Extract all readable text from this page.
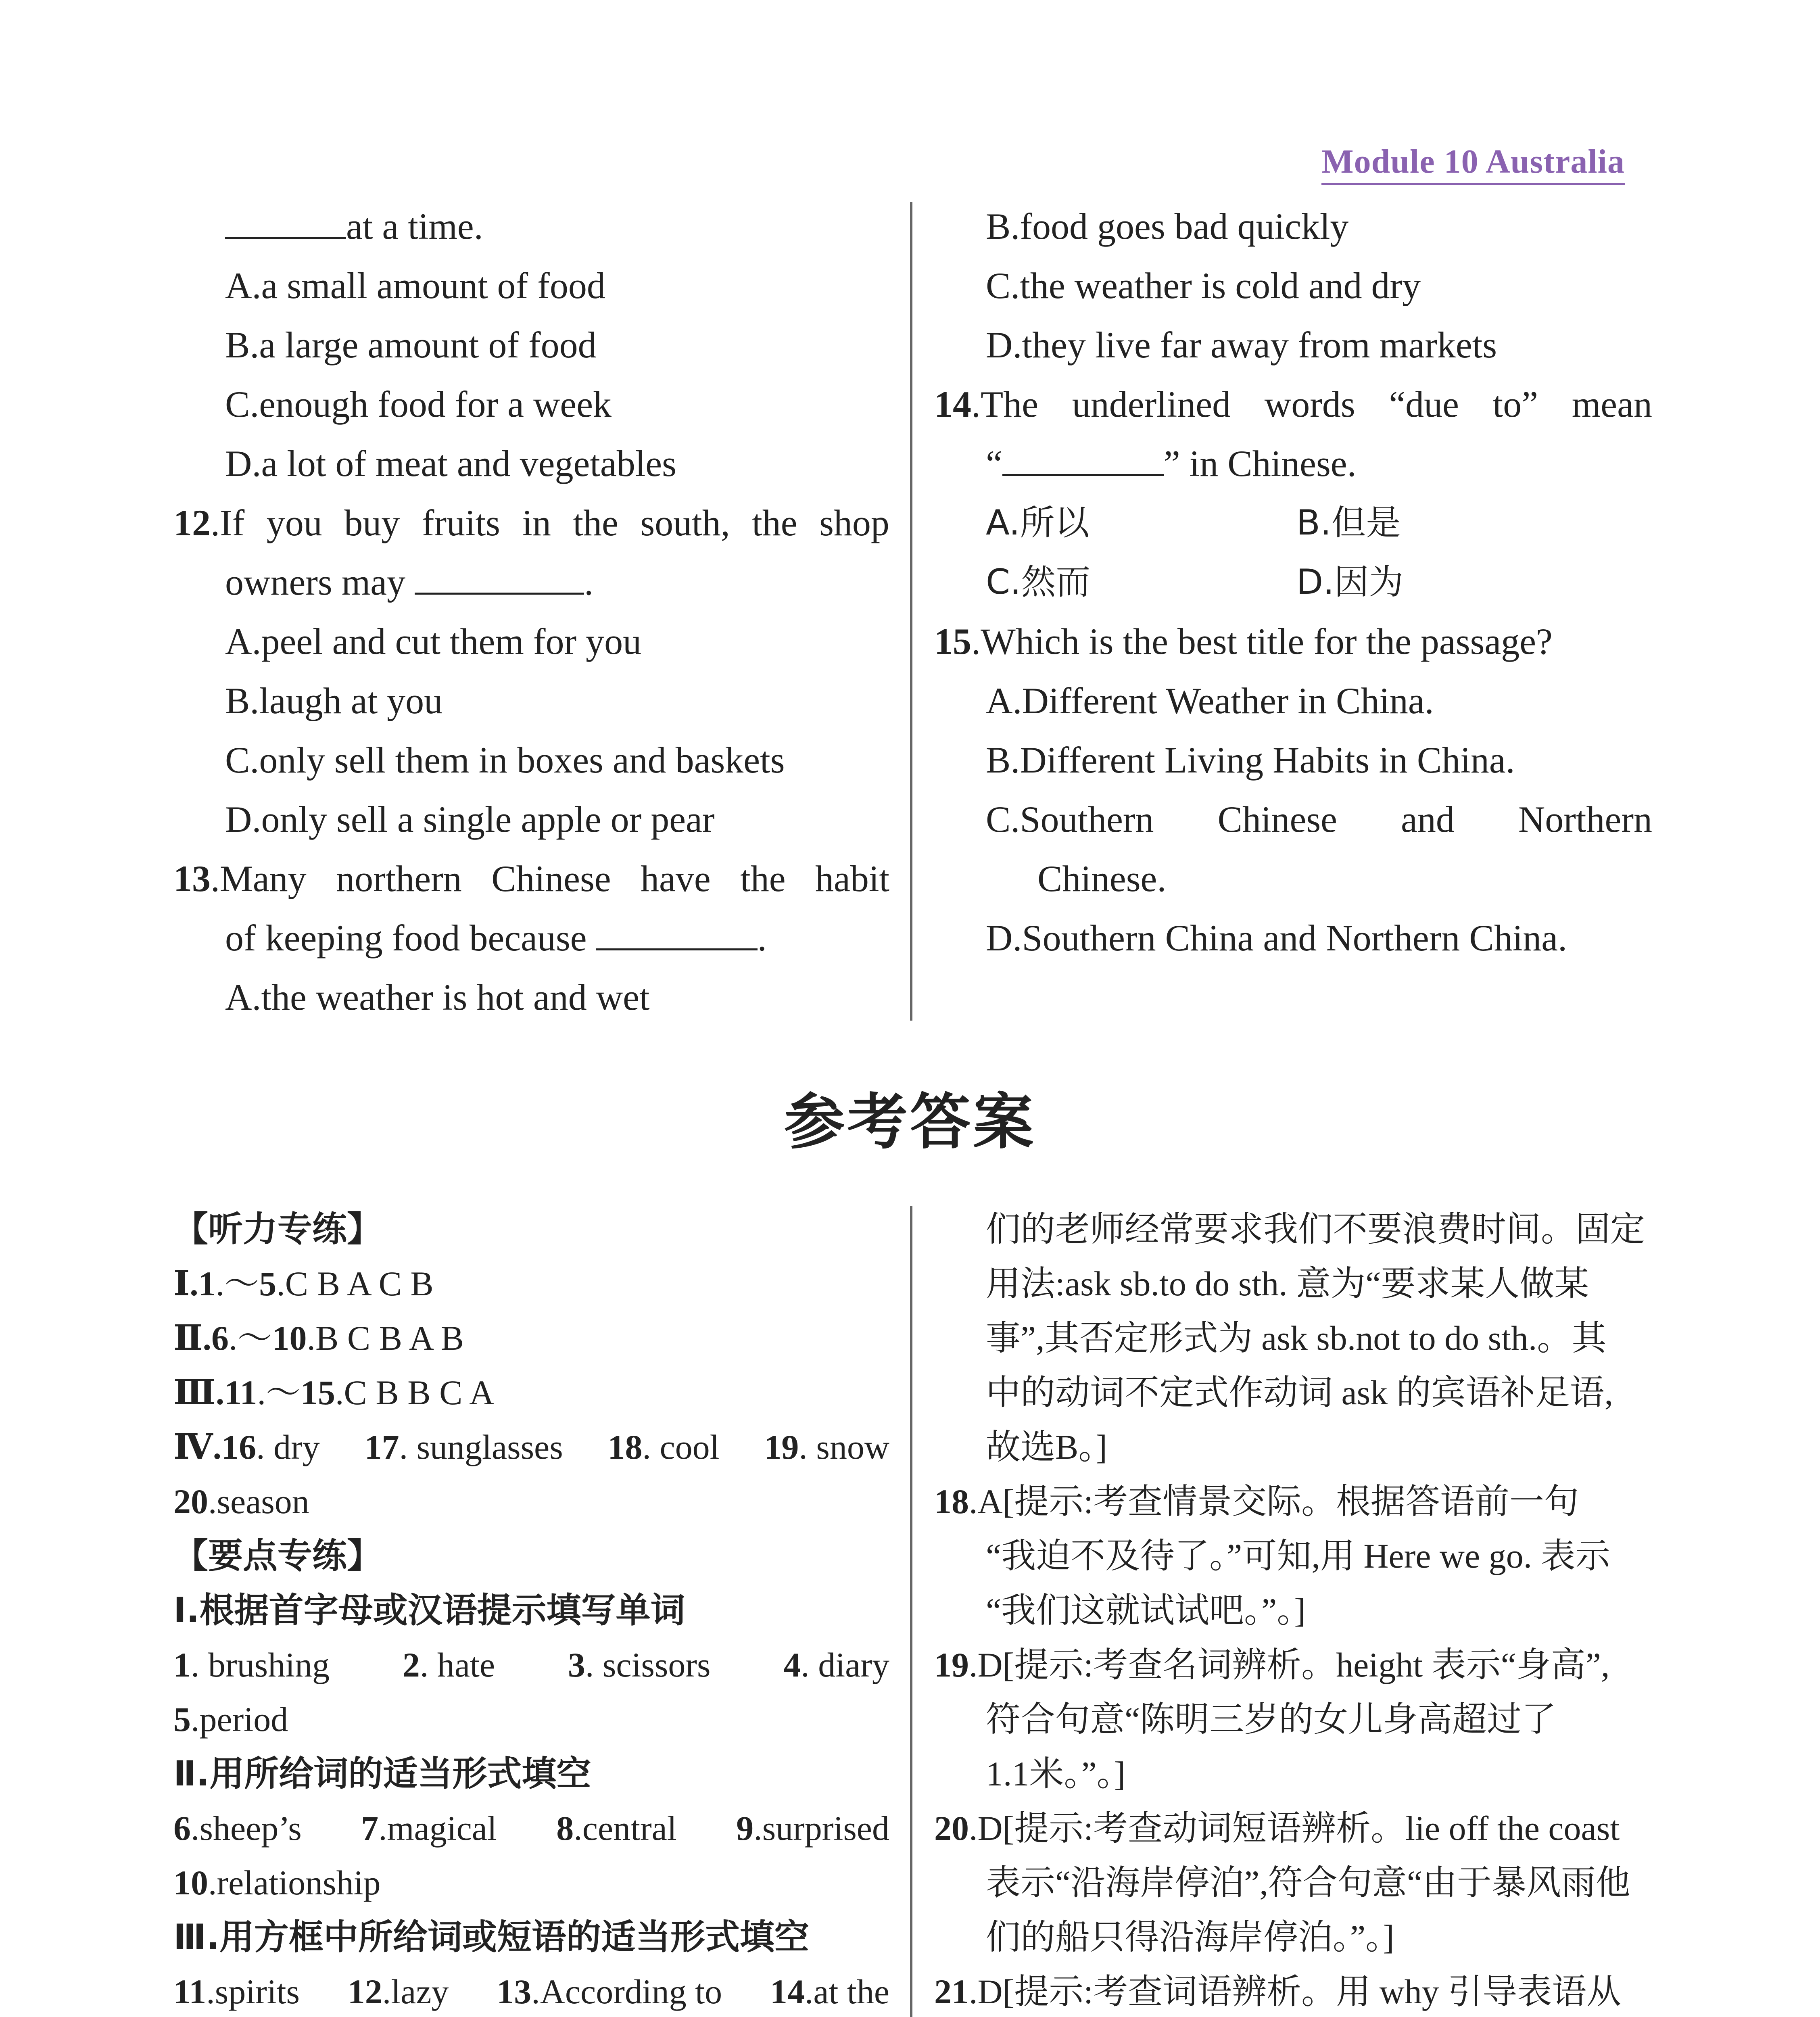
Module 10 Australia
at a time.
A.a small amount of food
B.a large amount of food
C.enough food for a week
D.a lot of meat and vegetables
12.If you buy fruits in the south, the shop
owners may	.
A.peel and cut them for you
B.laugh at you
C.only sell them in boxes and baskets
D.only sell a single apple or pear
13.Many northern Chinese have the habit
of keeping food because	.
A.the weather is hot and wet
B.food goes bad quickly
C.the weather is cold and dry
D.they live far away from markets
14.The underlined words “due to” mean
“	” in Chinese.
A.所以	B.但是
C.然而	D.因为
15.Which is the best title for the passage?
A.Different Weather in China.
B.Different Living Habits in China.
C.Southern Chinese and Northern
Chinese.
D.Southern China and Northern China.
参考答案
【听力专练】
Ⅰ.1.～5.C B A C B
Ⅱ.6.～10.B C B A B
Ⅲ.11.～15.C B B C A
Ⅳ.16. dry 17. sunglasses 18. cool 19. snow
20.season
【要点专练】
Ⅰ.根据首字母或汉语提示填写单词
1. brushing 2. hate 3. scissors 4. diary
5.period
Ⅱ.用所给词的适当形式填空
6.sheep’s 7.magical 8.central 9.surprised
10.relationship
Ⅲ.用方框中所给词或短语的适当形式填空
11.spirits 12.lazy 13.According to 14.at the
们的老师经常要求我们不要浪费时间。固定
用法:ask sb.to do sth. 意为“要求某人做某
事”,其否定形式为 ask sb.not to do sth.。其
中的动词不定式作动词 ask 的宾语补足语,
故选B。]
18.A[提示:考查情景交际。根据答语前一句
“我迫不及待了。”可知,用 Here we go. 表示
“我们这就试试吧。”。]
19.D[提示:考查名词辨析。height 表示“身高”,
符合句意“陈明三岁的女儿身高超过了
1.1米。”。]
20.D[提示:考查动词短语辨析。lie off the coast
表示“沿海岸停泊”,符合句意“由于暴风雨他
们的船只得沿海岸停泊。”。]
21.D[提示:考查词语辨析。用 why 引导表语从
